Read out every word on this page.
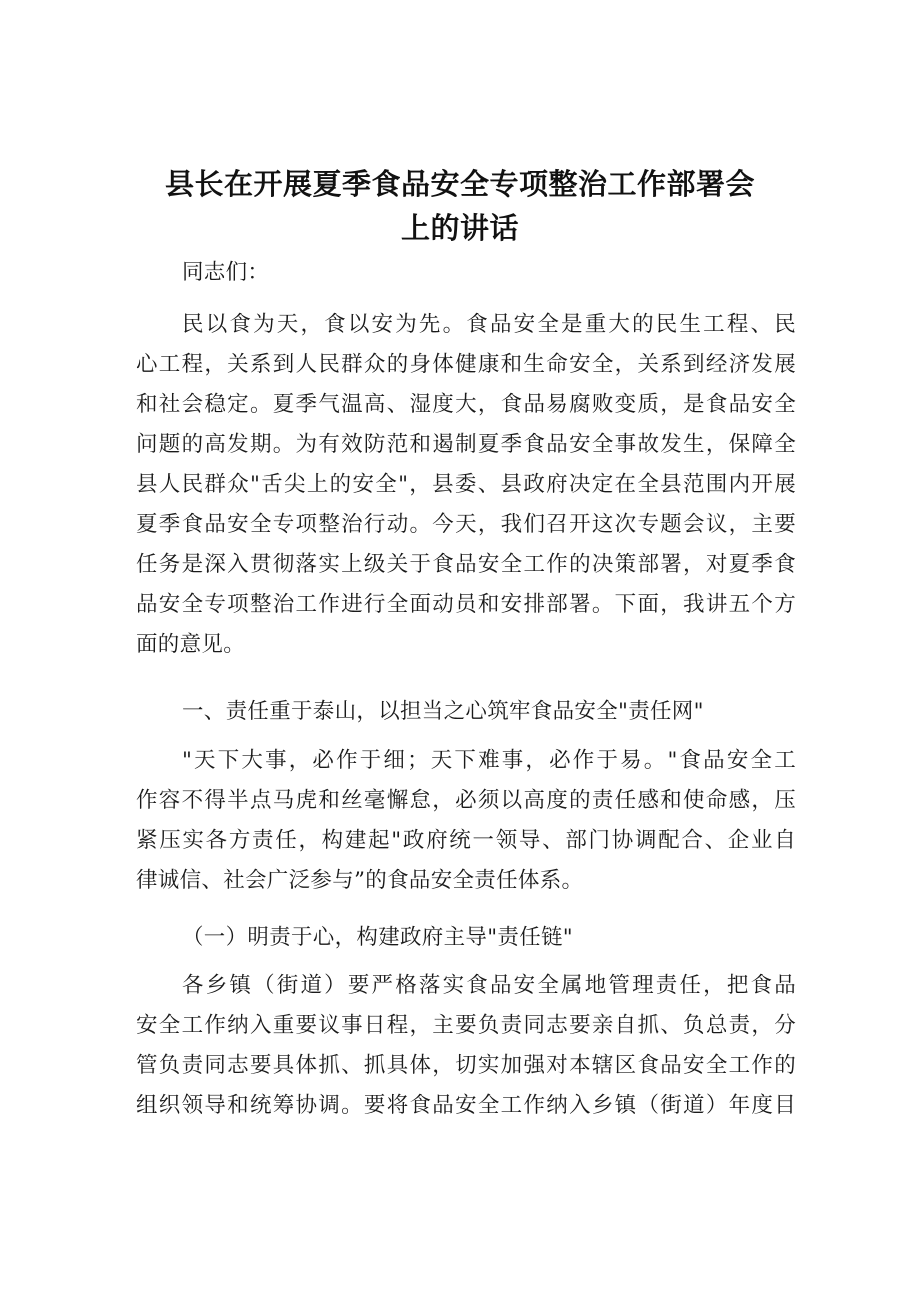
县长在开展夏季食品安全专项整治工作部署会
上的讲话
同志们：
民以食为天，食以安为先。食品安全是重大的民生工程、民
心工程，关系到人民群众的身体健康和生命安全，关系到经济发展
和社会稳定。夏季气温高、湿度大，食品易腐败变质，是食品安全
问题的高发期。为有效防范和遏制夏季食品安全事故发生，保障全
县人民群众"舌尖上的安全"，县委、县政府决定在全县范围内开展
夏季食品安全专项整治行动。今天，我们召开这次专题会议，主要
任务是深入贯彻落实上级关于食品安全工作的决策部署，对夏季食
品安全专项整治工作进行全面动员和安排部署。下面，我讲五个方
面的意见。
一、责任重于泰山，以担当之心筑牢食品安全"责任网"
"天下大事，必作于细；天下难事，必作于易。"食品安全工
作容不得半点马虎和丝毫懈怠，必须以高度的责任感和使命感，压
紧压实各方责任，构建起"政府统一领导、部门协调配合、企业自
律诚信、社会广泛参与”的食品安全责任体系。
（一）明责于心，构建政府主导"责任链"
各乡镇（街道）要严格落实食品安全属地管理责任，把食品
安全工作纳入重要议事日程，主要负责同志要亲自抓、负总责，分
管负责同志要具体抓、抓具体，切实加强对本辖区食品安全工作的
组织领导和统筹协调。要将食品安全工作纳入乡镇（街道）年度目
